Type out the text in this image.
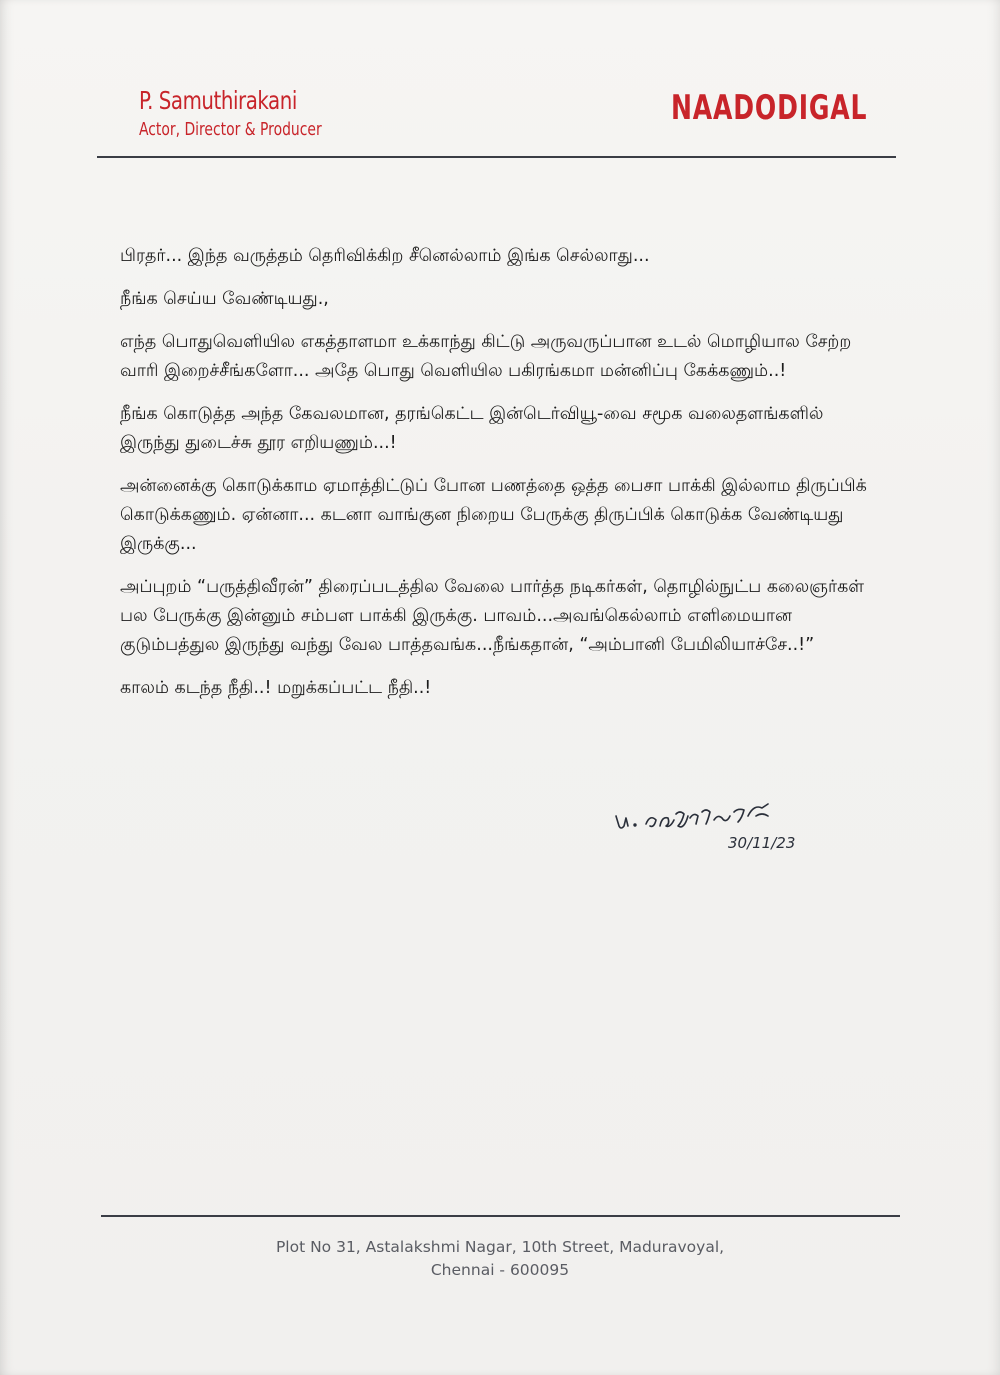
P. Samuthirakani
Actor, Director & Producer
NAADODIGAL

பிரதர்... இந்த வருத்தம் தெரிவிக்கிற சீனெல்லாம் இங்க செல்லாது...

நீங்க செய்ய வேண்டியது.,

எந்த பொதுவெளியில எகத்தாளமா உக்காந்து கிட்டு அருவருப்பான உடல் மொழியால சேற்ற வாரி இறைச்சீங்களோ... அதே பொது வெளியில பகிரங்கமா மன்னிப்பு கேக்கணும்..!

நீங்க கொடுத்த அந்த கேவலமான, தரங்கெட்ட இன்டெர்வியூ-வை சமூக வலைதளங்களில் இருந்து துடைச்சு தூர எறியணும்...!

அன்னைக்கு கொடுக்காம ஏமாத்திட்டுப் போன பணத்தை ஒத்த பைசா பாக்கி இல்லாம திருப்பிக் கொடுக்கணும். ஏன்னா... கடனா வாங்குன நிறைய பேருக்கு திருப்பிக் கொடுக்க வேண்டியது இருக்கு...

அப்புறம் “பருத்திவீரன்” திரைப்படத்தில வேலை பார்த்த நடிகர்கள், தொழில்நுட்ப கலைஞர்கள் பல பேருக்கு இன்னும் சம்பள பாக்கி இருக்கு. பாவம்...அவங்கெல்லாம் எளிமையான குடும்பத்துல இருந்து வந்து வேல பாத்தவங்க...நீங்கதான், “அம்பானி பேமிலியாச்சே..!”

காலம் கடந்த நீதி..! மறுக்கப்பட்ட நீதி..!

30/11/23
Plot No 31, Astalakshmi Nagar, 10th Street, Maduravoyal,
Chennai - 600095
